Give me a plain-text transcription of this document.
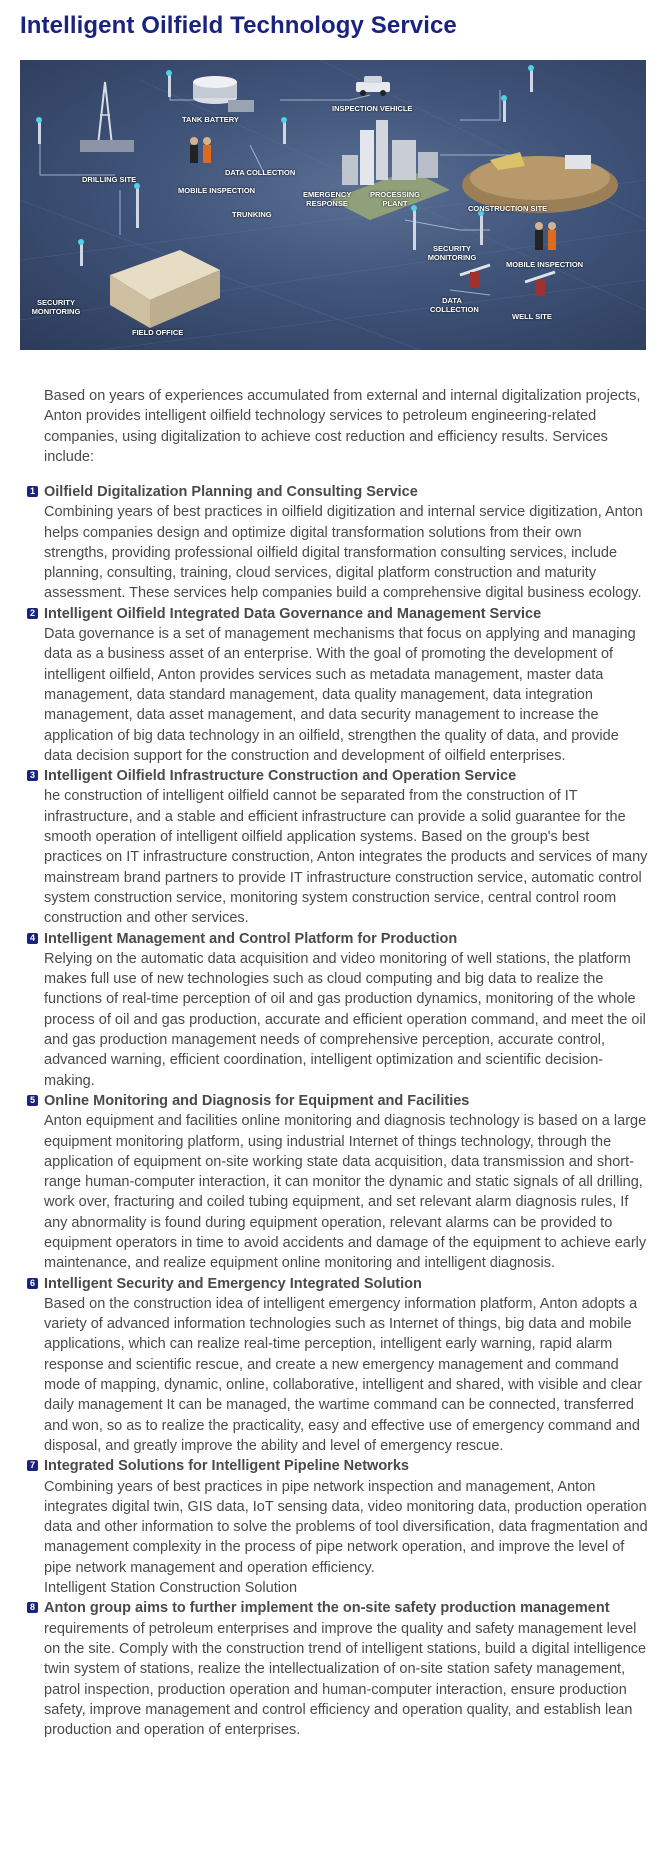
Intelligent Oilfield Technology Service
TANK BATTERY
INSPECTION VEHICLE
DRILLING SITE
DATA COLLECTION
MOBILE INSPECTION	EMERGENCY RESPONSE
PROCESSING PLANT
TRUNKING
CONSTRUCTION SITE
SECURITY MONITORING
MOBILE INSPECTION
DATA COLLECTION
WELL SITE
SECURITY MONITORING
FIELD OFFICE

Based on years of experiences accumulated from external and internal digitalization projects, Anton provides intelligent oilfield technology services to petroleum engineering-related companies, using digitalization to achieve cost reduction and efficiency results. Services include:

1 Oilfield Digitalization Planning and Consulting Service

Combining years of best practices in oilfield digitization and internal service digitization, Anton helps companies design and optimize digital transformation solutions from their own strengths, providing professional oilfield digital transformation consulting services, include planning, consulting, training, cloud services, digital platform construction and maturity assessment. These services help companies build a comprehensive digital business ecology.

2 Intelligent Oilfield Integrated Data Governance and Management Service

Data governance is a set of management mechanisms that focus on applying and managing data as a business asset of an enterprise. With the goal of promoting the development of intelligent oilfield, Anton provides services such as metadata management, master data management, data standard management, data quality management, data integration management, data asset management, and data security management to increase the application of big data technology in an oilfield, strengthen the quality of data, and provide data decision support for the construction and development of oilfield enterprises.

3 Intelligent Oilfield Infrastructure Construction and Operation Service

he construction of intelligent oilfield cannot be separated from the construction of IT infrastructure, and a stable and efficient infrastructure can provide a solid guarantee for the smooth operation of intelligent oilfield application systems. Based on the group's best practices on IT infrastructure construction, Anton integrates the products and services of many mainstream brand partners to provide IT infrastructure construction service, automatic control system construction service, monitoring system construction service, central control room construction and other services.

4 Intelligent Management and Control Platform for Production

Relying on the automatic data acquisition and video monitoring of well stations, the platform makes full use of new technologies such as cloud computing and big data to realize the functions of real-time perception of oil and gas production dynamics, monitoring of the whole process of oil and gas production, accurate and efficient operation command, and meet the oil and gas production management needs of comprehensive perception, accurate control, advanced warning, efficient coordination, intelligent optimization and scientific decision-making.

5 Online Monitoring and Diagnosis for Equipment and Facilities

Anton equipment and facilities online monitoring and diagnosis technology is based on a large equipment monitoring platform, using industrial Internet of things technology, through the application of equipment on-site working state data acquisition, data transmission and short-range human-computer interaction, it can monitor the dynamic and static signals of all drilling, work over, fracturing and coiled tubing equipment, and set relevant alarm diagnosis rules, If any abnormality is found during equipment operation, relevant alarms can be provided to equipment operators in time to avoid accidents and damage of the equipment to achieve early maintenance, and realize equipment online monitoring and intelligent diagnosis.

6 Intelligent Security and Emergency Integrated Solution

Based on the construction idea of intelligent emergency information platform, Anton adopts a variety of advanced information technologies such as Internet of things, big data and mobile applications, which can realize real-time perception, intelligent early warning, rapid alarm response and scientific rescue, and create a new emergency management and command mode of mapping, dynamic, online, collaborative, intelligent and shared, with visible and clear daily management It can be managed, the wartime command can be connected, transferred and won, so as to realize the practicality, easy and effective use of emergency command and disposal, and greatly improve the ability and level of emergency rescue.

7 Integrated Solutions for Intelligent Pipeline Networks

Combining years of best practices in pipe network inspection and management, Anton integrates digital twin, GIS data, IoT sensing data, video monitoring data, production operation data and other information to solve the problems of tool diversification, data fragmentation and management complexity in the process of pipe network operation, and improve the level of pipe network management and operation efficiency.

Intelligent Station Construction Solution

8 Anton group aims to further implement the on-site safety production management

requirements of petroleum enterprises and improve the quality and safety management level on the site. Comply with the construction trend of intelligent stations, build a digital intelligence twin system of stations, realize the intellectualization of on-site station safety management, patrol inspection, production operation and human-computer interaction, ensure production safety, improve management and control efficiency and operation quality, and establish lean production and operation of enterprises.
